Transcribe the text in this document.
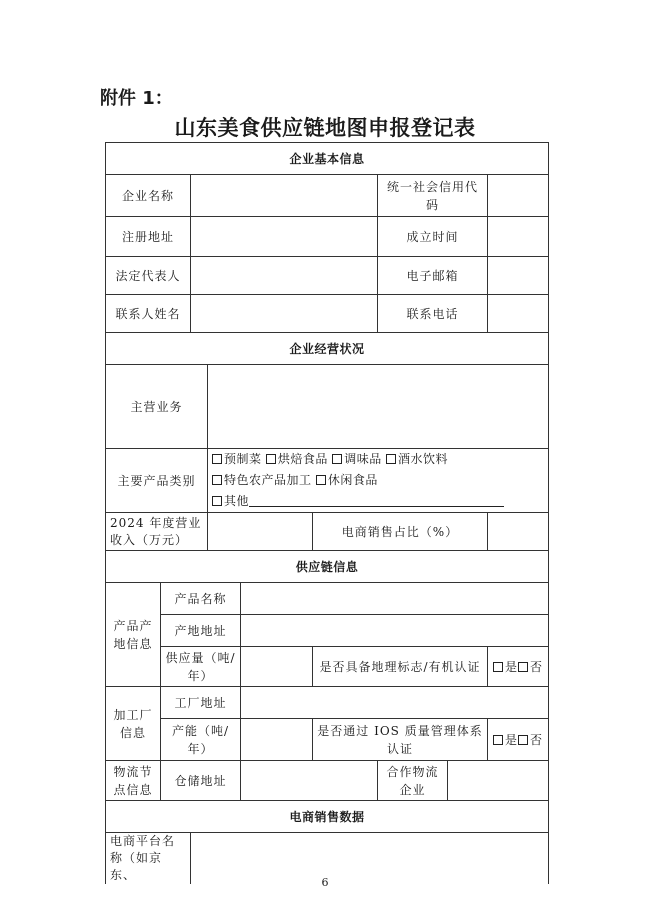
附件 1：
山东美食供应链地图申报登记表
企业基本信息								
企业名称						统一社会信用代码		
注册地址						成立时间		
法定代表人						电子邮箱		
联系人姓名						联系电话		
企业经营状况								
主营业务								
主要产品类别			预制菜 烘焙食品 调味品 酒水饮料
特色农产品加工 休闲食品
其他					
2024 年度营业收入（万元）					电商销售占比（%）			
供应链信息								
产品产地信息	产品名称							
	产地地址							
	供应量（吨/年）				是否具备地理标志/有机认证			是 否
加工厂信息	工厂地址							
	产能（吨/年）				是否通过 IOS 质量管理体系认证			是 否
物流节点信息	仓储地址					合作物流企业		
电商销售数据								
电商平台名称（如京东、								
6
